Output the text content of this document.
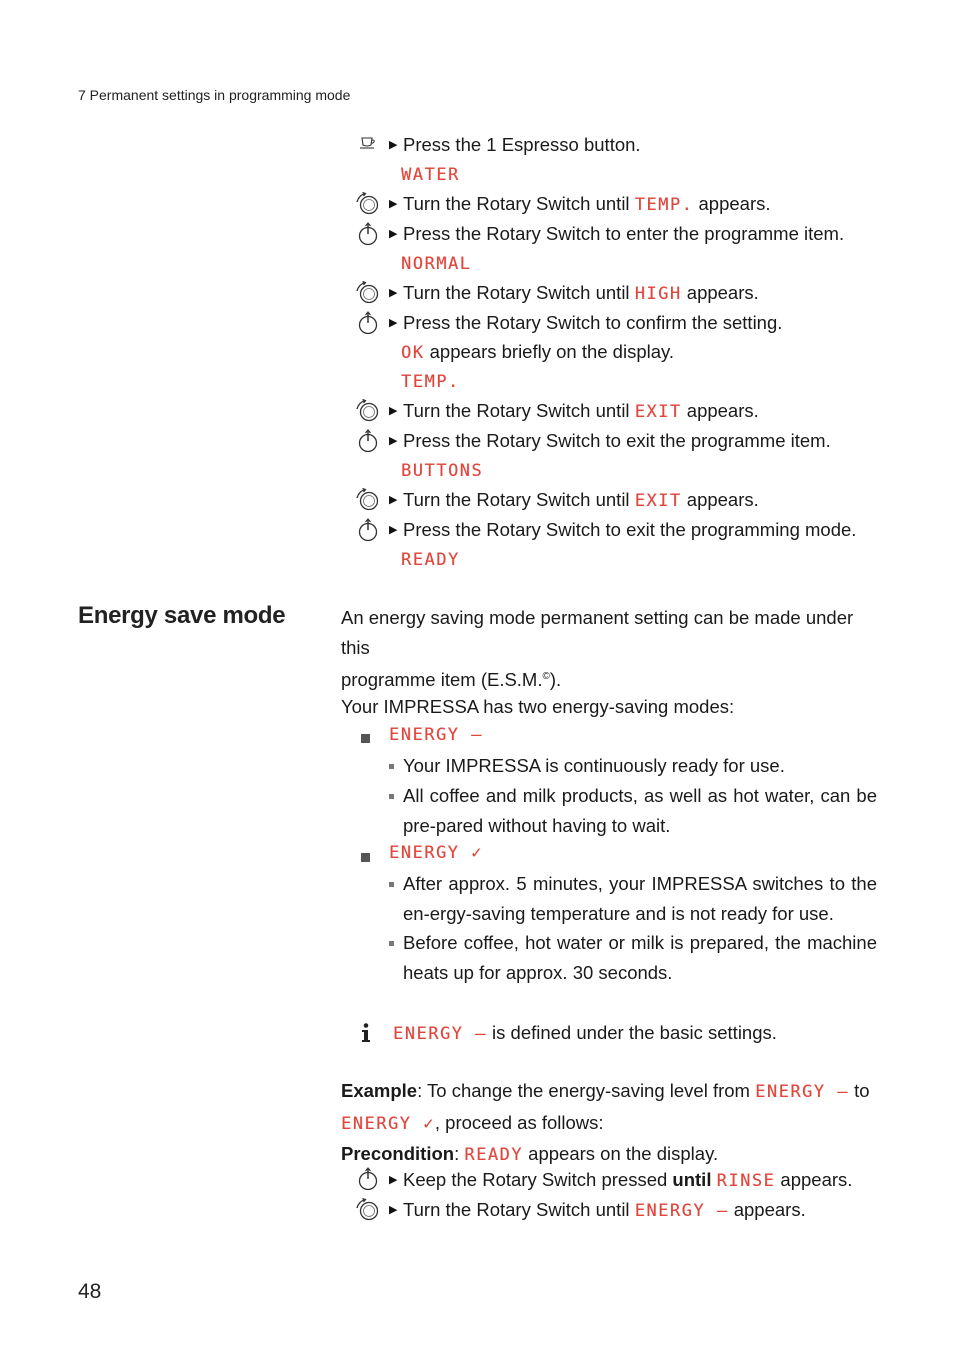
7 Permanent settings in programming mode
▶ Press the 1 Espresso button.
WATER
▶ Turn the Rotary Switch until TEMP. appears.
▶ Press the Rotary Switch to enter the programme item.
NORMAL
▶ Turn the Rotary Switch until HIGH appears.
▶ Press the Rotary Switch to confirm the setting.
OK appears briefly on the display.
TEMP.
▶ Turn the Rotary Switch until EXIT appears.
▶ Press the Rotary Switch to exit the programme item.
BUTTONS
▶ Turn the Rotary Switch until EXIT appears.
▶ Press the Rotary Switch to exit the programming mode.
READY
Energy save mode	An energy saving mode permanent setting can be made under this
programme item (E.S.M.©).
Your IMPRESSA has two energy-saving modes:
ENERGY –
Your IMPRESSA is continuously ready for use.
All coffee and milk products, as well as hot water, can be pre-pared without having to wait.
ENERGY ✓
After approx. 5 minutes, your IMPRESSA switches to the en-ergy-saving temperature and is not ready for use.
Before coffee, hot water or milk is prepared, the machine heats up for approx. 30 seconds.
ENERGY – is defined under the basic settings.
Example: To change the energy-saving level from ENERGY – to
ENERGY ✓, proceed as follows:
Precondition: READY appears on the display.
▶ Keep the Rotary Switch pressed until RINSE appears.
▶ Turn the Rotary Switch until ENERGY – appears.
48
